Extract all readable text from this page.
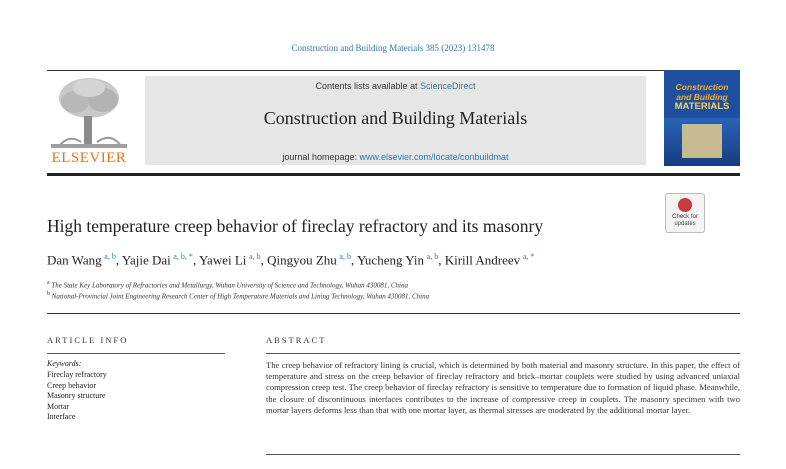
Construction and Building Materials 385 (2023) 131478
ELSEVIER
Contents lists available at ScienceDirect
Construction and Building Materials
journal homepage: www.elsevier.com/locate/conbuildmat
Construction
and Building
MATERIALS
Check for
updates
High temperature creep behavior of fireclay refractory and its masonry
Dan Wang  $^{a, b}$, Yajie Dai  $^{a, b, *}$, Yawei Li  $^{a, b}$, Qingyou Zhu  $^{a, b}$, Yucheng Yin  $^{a, b}$, Kirill Andreev  $^{a, *}$
$^a$ The State Key Laboratory of Refractories and Metallurgy, Wuhan University of Science and Technology, Wuhan 430081, China
$^b$ National-Provincial Joint Engineering Research Center of High Temperature Materials and Lining Technology, Wuhan 430081, China
ARTICLE INFO	ABSTRACT
Keywords:
Fireclay refractory
Creep behavior
Masonry structure
Mortar
Interface
The creep behavior of refractory lining is crucial, which is determined by both material and masonry structure. In this paper, the effect of temperature and stress on the creep behavior of fireclay refractory and brick–mortar couplets were studied by using advanced uniaxial compression creep test. The creep behavior of fireclay refractory is sensitive to temperature due to formation of liquid phase. Meanwhile, the closure of discontinuous interfaces contributes to the increase of compressive creep in couplets. The masonry specimen with two mortar layers deforms less than that with one mortar layer, as thermal stresses are moderated by the additional mortar layer.
